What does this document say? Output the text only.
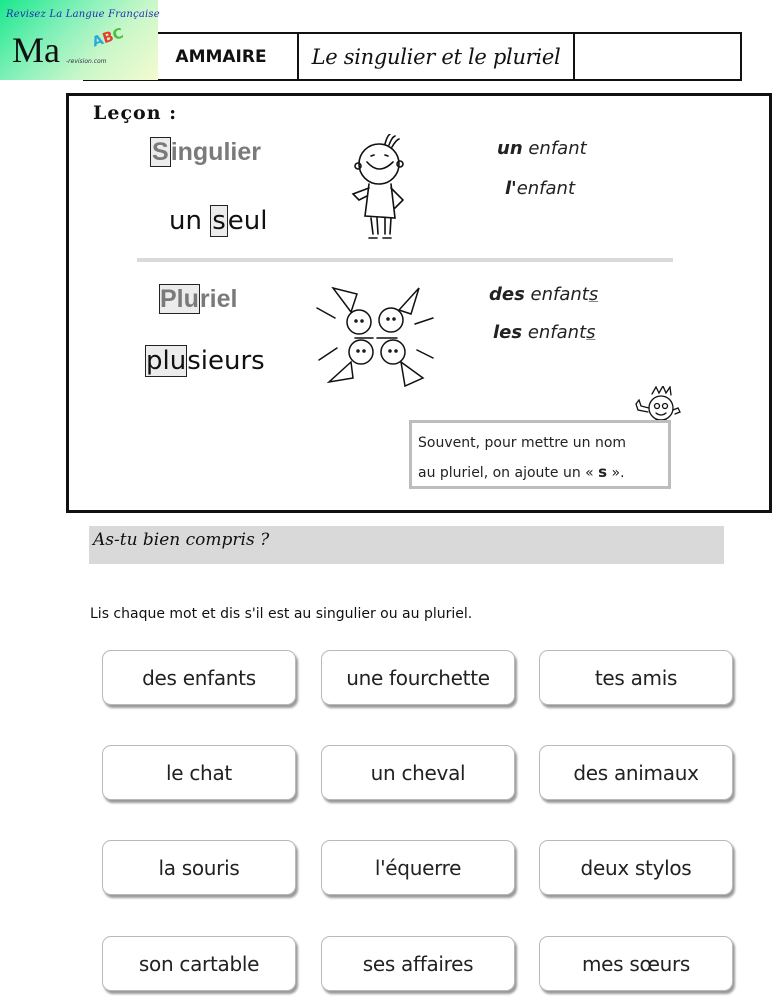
Revisez La Langue Française
Ma ABC
-revision.com	AMMAIRE	Le singulier et le pluriel
Leçon :
Singulier
un seul
un enfant
l'enfant
Pluriel
plusieurs
des enfants
les enfants
Souvent, pour mettre un nom
au pluriel, on ajoute un « s ».
As-tu bien compris ?
Lis chaque mot et dis s'il est au singulier ou au pluriel.
des enfants	une fourchette	tes amis
le chat	un cheval	des animaux
la souris	l'équerre	deux stylos
son cartable	ses affaires	mes sœurs
